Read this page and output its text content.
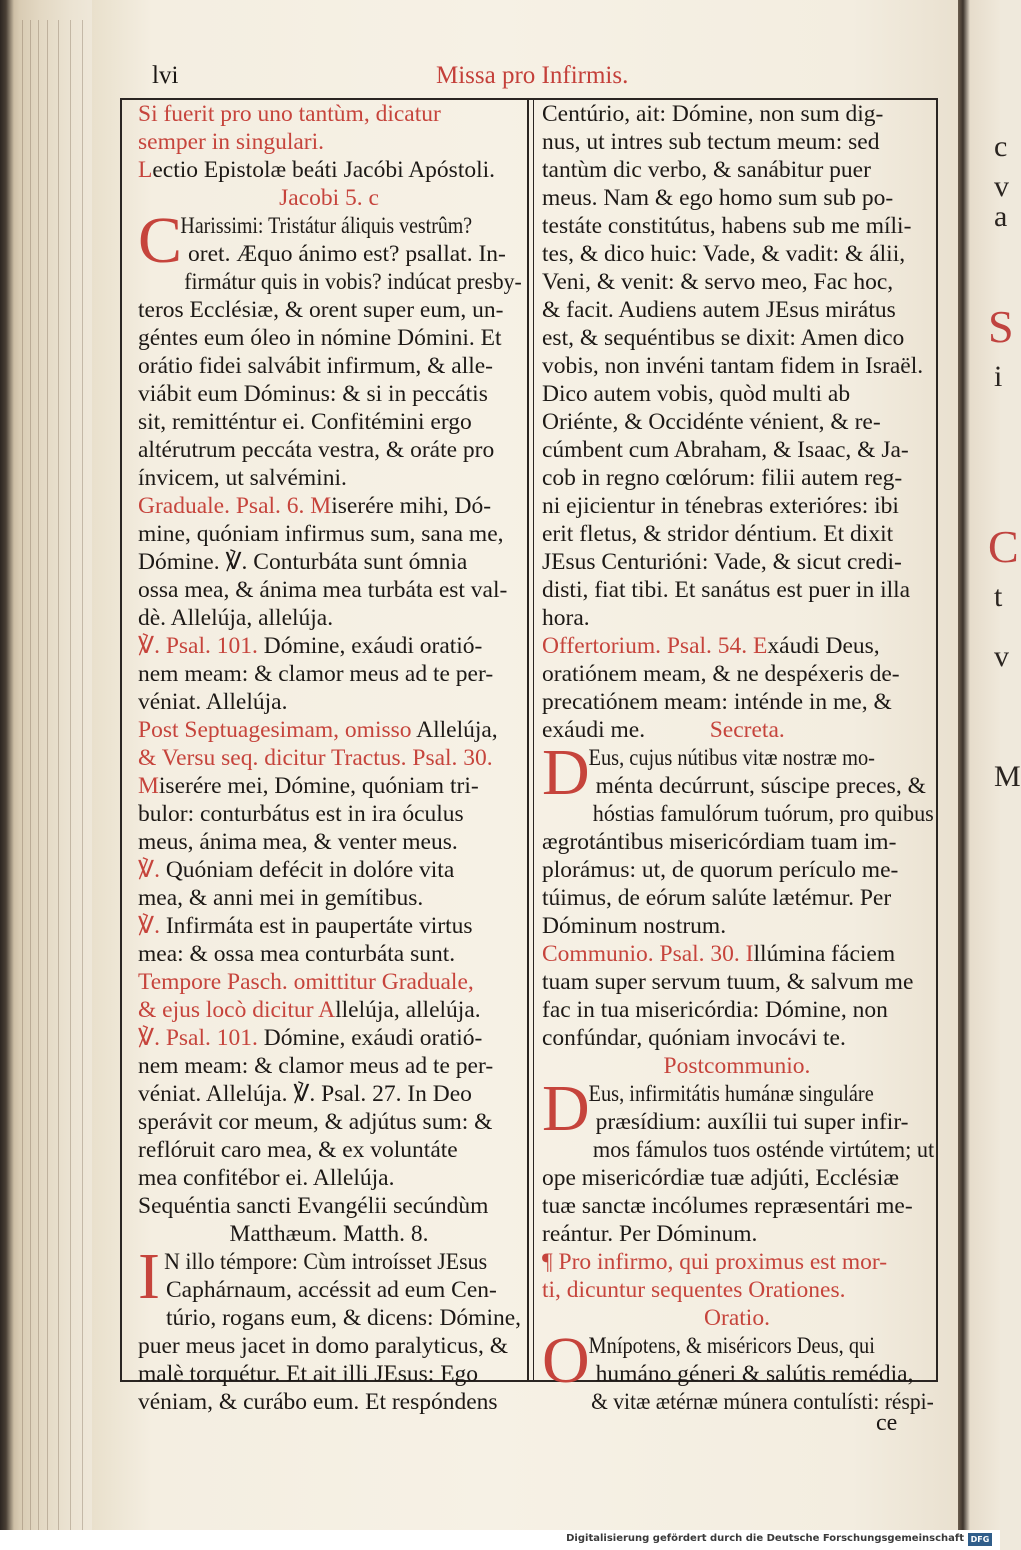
c
v
a
S
i
C
t
v
M
lvi	Missa pro Infirmis.

Si fuerit pro uno tantùm, dicatur

semper in singulari.

Lectio Epistolæ beáti Jacóbi Apóstoli.

Jacobi 5. c

C

Harissimi: Tristátur áliquis vestrûm?

oret. Æquo ánimo est? psallat. In-

firmátur quis in vobis? indúcat presby-

teros Ecclésiæ, & orent super eum, un-

géntes eum óleo in nómine Dómini. Et

orátio fidei salvábit infirmum, & alle-

viábit eum Dóminus: & si in peccátis

sit, remitténtur ei. Confitémini ergo

altérutrum peccáta vestra, & oráte pro

ínvicem, ut salvémini.

Graduale. Psal. 6. Miserére mihi, Dó-

mine, quóniam infirmus sum, sana me,

Dómine. ℣. Conturbáta sunt ómnia

ossa mea, & ánima mea turbáta est val-

dè. Allelúja, allelúja.

℣. Psal. 101. Dómine, exáudi oratió-

nem meam: & clamor meus ad te per-

véniat. Allelúja.

Post Septuagesimam, omisso Allelúja,

& Versu seq. dicitur Tractus. Psal. 30.

Miserére mei, Dómine, quóniam tri-

bulor: conturbátus est in ira óculus

meus, ánima mea, & venter meus.

℣. Quóniam defécit in dolóre vita

mea, & anni mei in gemítibus.

℣. Infirmáta est in paupertáte virtus

mea: & ossa mea conturbáta sunt.

Tempore Pasch. omittitur Graduale,

& ejus locò dicitur Allelúja, allelúja.

℣. Psal. 101. Dómine, exáudi oratió-

nem meam: & clamor meus ad te per-

véniat. Allelúja. ℣. Psal. 27. In Deo

sperávit cor meum, & adjútus sum: &

reflóruit caro mea, & ex voluntáte

mea confitébor ei. Allelúja.

Sequéntia sancti Evangélii secúndùm

Matthæum. Matth. 8.

I N illo témpore: Cùm introísset JEsus

Caphárnaum, accéssit ad eum Cen-

túrio, rogans eum, & dicens: Dómine,

puer meus jacet in domo paralyticus, &

malè torquétur. Et ait illi JEsus: Ego

véniam, & curábo eum. Et respóndens

Centúrio, ait: Dómine, non sum dig-

nus, ut intres sub tectum meum: sed

tantùm dic verbo, & sanábitur puer

meus. Nam & ego homo sum sub po-

testáte constitútus, habens sub me míli-

tes, & dico huic: Vade, & vadit: & álii,

Veni, & venit: & servo meo, Fac hoc,

& facit. Audiens autem JEsus mirátus

est, & sequéntibus se dixit: Amen dico

vobis, non invéni tantam fidem in Israël.

Dico autem vobis, quòd multi ab

Oriénte, & Occidénte vénient, & re-

cúmbent cum Abraham, & Isaac, & Ja-

cob in regno cœlórum: filii autem reg-

ni ejicientur in ténebras exterióres: ibi

erit fletus, & stridor déntium. Et dixit

JEsus Centurióni: Vade, & sicut credi-

disti, fiat tibi. Et sanátus est puer in illa

hora.

Offertorium. Psal. 54. Exáudi Deus,

oratiónem meam, & ne despéxeris de-

precatiónem meam: inténde in me, &

exáudi me.	Secreta.

D

Eus, cujus nútibus vitæ nostræ mo-

ménta decúrrunt, súscipe preces, &

hóstias famulórum tuórum, pro quibus

ægrotántibus misericórdiam tuam im-

plorámus: ut, de quorum perículo me-

túimus, de eórum salúte lætémur. Per

Dóminum nostrum.

Communio. Psal. 30. Illúmina fáciem

tuam super servum tuum, & salvum me

fac in tua misericórdia: Dómine, non

confúndar, quóniam invocávi te.

Postcommunio.

D

Eus, infirmitátis humánæ singuláre

præsídium: auxílii tui super infir-

mos fámulos tuos osténde virtútem; ut

ope misericórdiæ tuæ adjúti, Ecclésiæ

tuæ sanctæ incólumes repræsentári me-

reántur. Per Dóminum.

¶ Pro infirmo, qui proximus est mor-

ti, dicuntur sequentes Orationes.

Oratio.

O

Mnípotens, & miséricors Deus, qui

humáno géneri & salútis remédia,

& vitæ ætérnæ múnera contulísti: réspi-

ce
Digitalisierung gefördert durch die Deutsche Forschungsgemeinschaft DFG
